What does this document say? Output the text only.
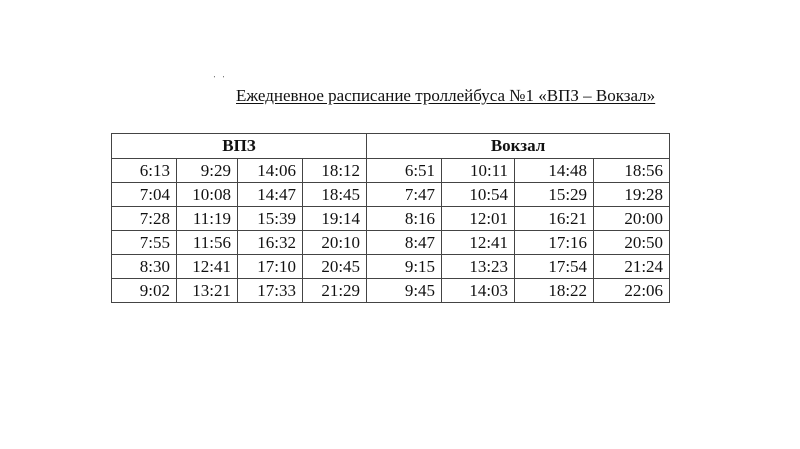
‧ ‧
Ежедневное расписание троллейбуса №1 «ВПЗ – Вокзал»
ВПЗ				Вокзал			
6:13	9:29	14:06	18:12	6:51	10:11	14:48	18:56
7:04	10:08	14:47	18:45	7:47	10:54	15:29	19:28
7:28	11:19	15:39	19:14	8:16	12:01	16:21	20:00
7:55	11:56	16:32	20:10	8:47	12:41	17:16	20:50
8:30	12:41	17:10	20:45	9:15	13:23	17:54	21:24
9:02	13:21	17:33	21:29	9:45	14:03	18:22	22:06
